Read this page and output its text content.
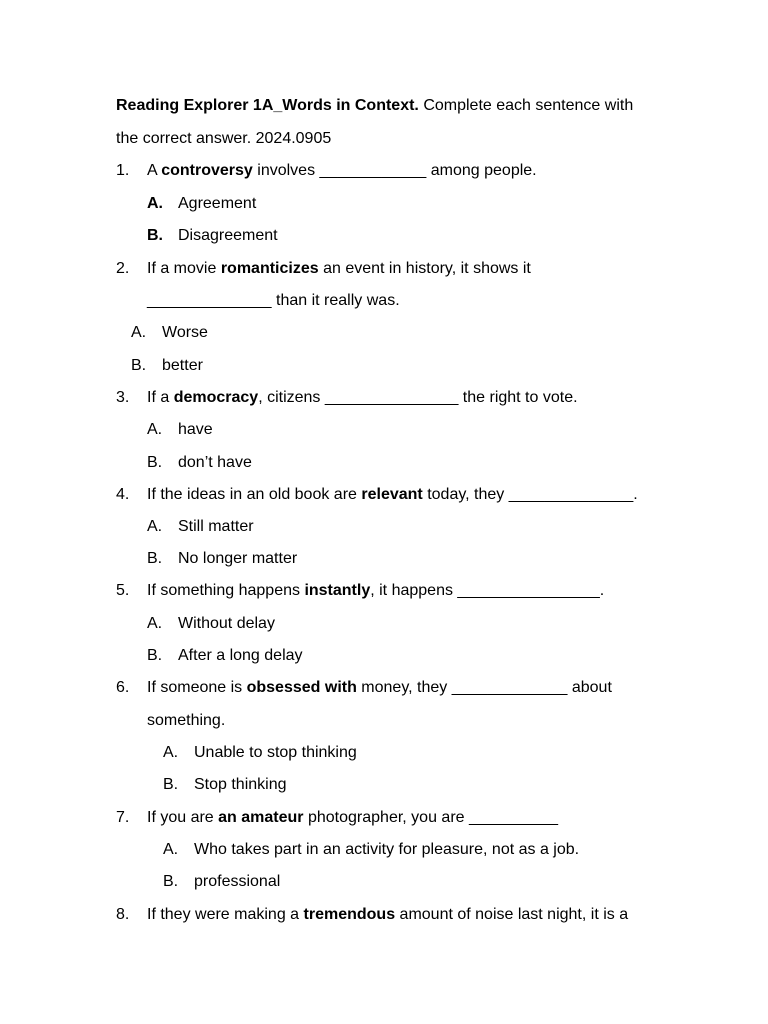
Reading Explorer 1A_Words in Context. Complete each sentence with
the correct answer. 2024.0905
1. A controversy involves ____________ among people.
A. Agreement
B. Disagreement
2. If a movie romanticizes an event in history, it shows it
______________ than it really was.
A. Worse
B. better
3. If a democracy, citizens _______________ the right to vote.
A. have
B. don’t have
4. If the ideas in an old book are relevant today, they ______________.
A. Still matter
B. No longer matter
5. If something happens instantly, it happens ________________.
A. Without delay
B. After a long delay
6. If someone is obsessed with money, they _____________ about
something.
A. Unable to stop thinking
B. Stop thinking
7. If you are an amateur photographer, you are __________
A. Who takes part in an activity for pleasure, not as a job.
B. professional
8. If they were making a tremendous amount of noise last night, it is a
